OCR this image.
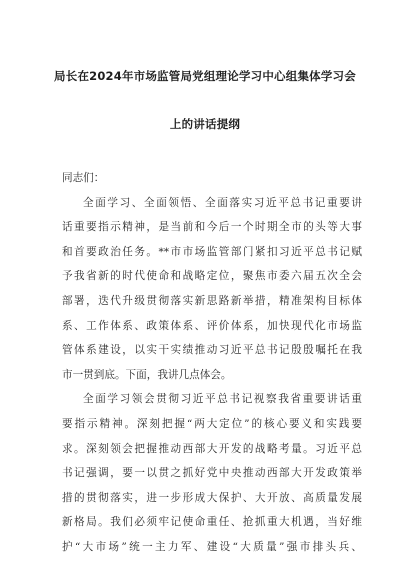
局长在2024年市场监管局党组理论学习中心组集体学习会
上的讲话提纲
同志们：
全面学习、全面领悟、全面落实习近平总书记重要讲
话重要指示精神，是当前和今后一个时期全市的头等大事
和首要政治任务。**市市场监管部门紧扣习近平总书记赋
予我省新的时代使命和战略定位，聚焦市委六届五次全会
部署，迭代升级贯彻落实新思路新举措，精准架构目标体
系、工作体系、政策体系、评价体系，加快现代化市场监
管体系建设，以实干实绩推动习近平总书记殷殷嘱托在我
市一贯到底。下面，我讲几点体会。
全面学习领会贯彻习近平总书记视察我省重要讲话重
要指示精神。深刻把握“两大定位”的核心要义和实践要
求。深刻领会把握推动西部大开发的战略考量。习近平总
书记强调，要一以贯之抓好党中央推动西部大开发政策举
措的贯彻落实，进一步形成大保护、大开放、高质量发展
新格局。我们必须牢记使命重任、抢抓重大机遇，当好维
护“大市场”统一主力军、建设“大质量”强市排头兵、
